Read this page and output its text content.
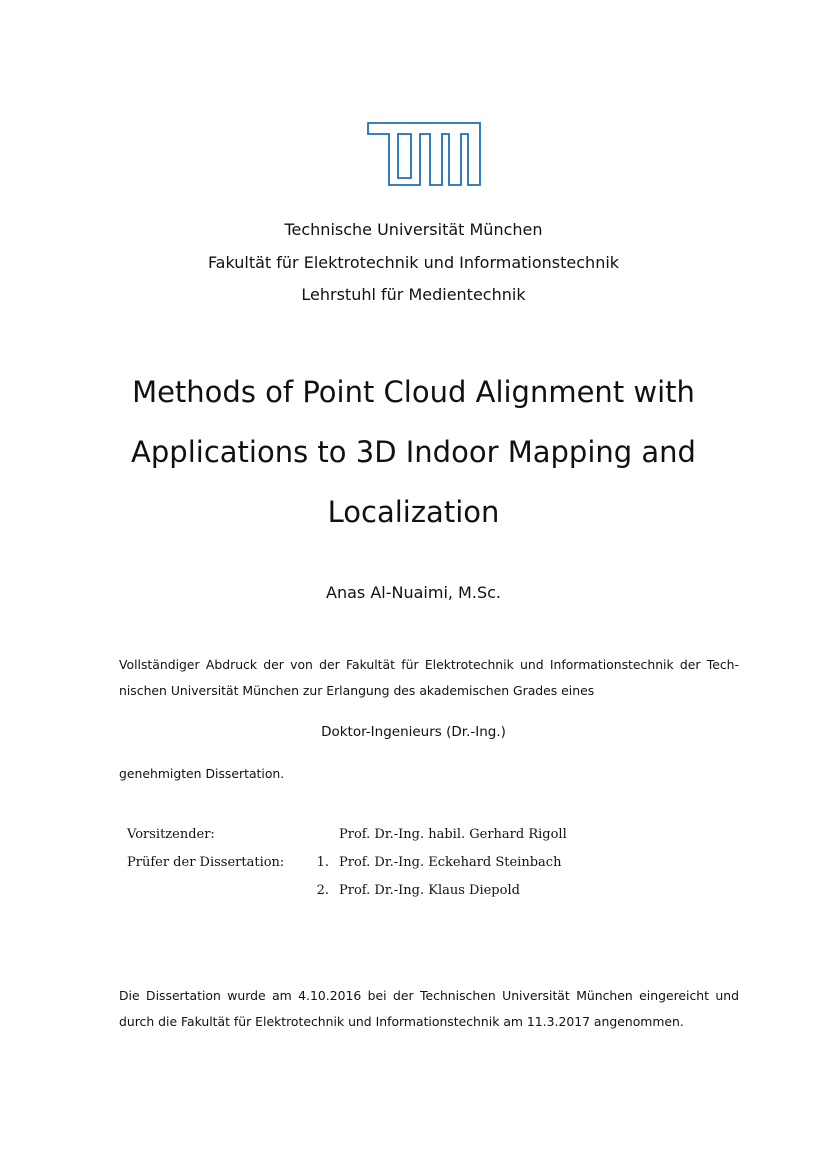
Technische Universität München
Fakultät für Elektrotechnik und Informationstechnik
Lehrstuhl für Medientechnik
Methods of Point Cloud Alignment with
Applications to 3D Indoor Mapping and
Localization
Anas Al-Nuaimi, M.Sc.

Vollständiger Abdruck der von der Fakultät für Elektrotechnik und Informationstechnik der Tech-
nischen Universität München zur Erlangung des akademischen Grades eines

Doktor-Ingenieurs (Dr.-Ing.)
genehmigten Dissertation.
Vorsitzender:		Prof. Dr.-Ing. habil. Gerhard Rigoll
Prüfer der Dissertation:	1.	Prof. Dr.-Ing. Eckehard Steinbach
	2.	Prof. Dr.-Ing. Klaus Diepold

Die Dissertation wurde am 4.10.2016 bei der Technischen Universität München eingereicht und
durch die Fakultät für Elektrotechnik und Informationstechnik am 11.3.2017 angenommen.
